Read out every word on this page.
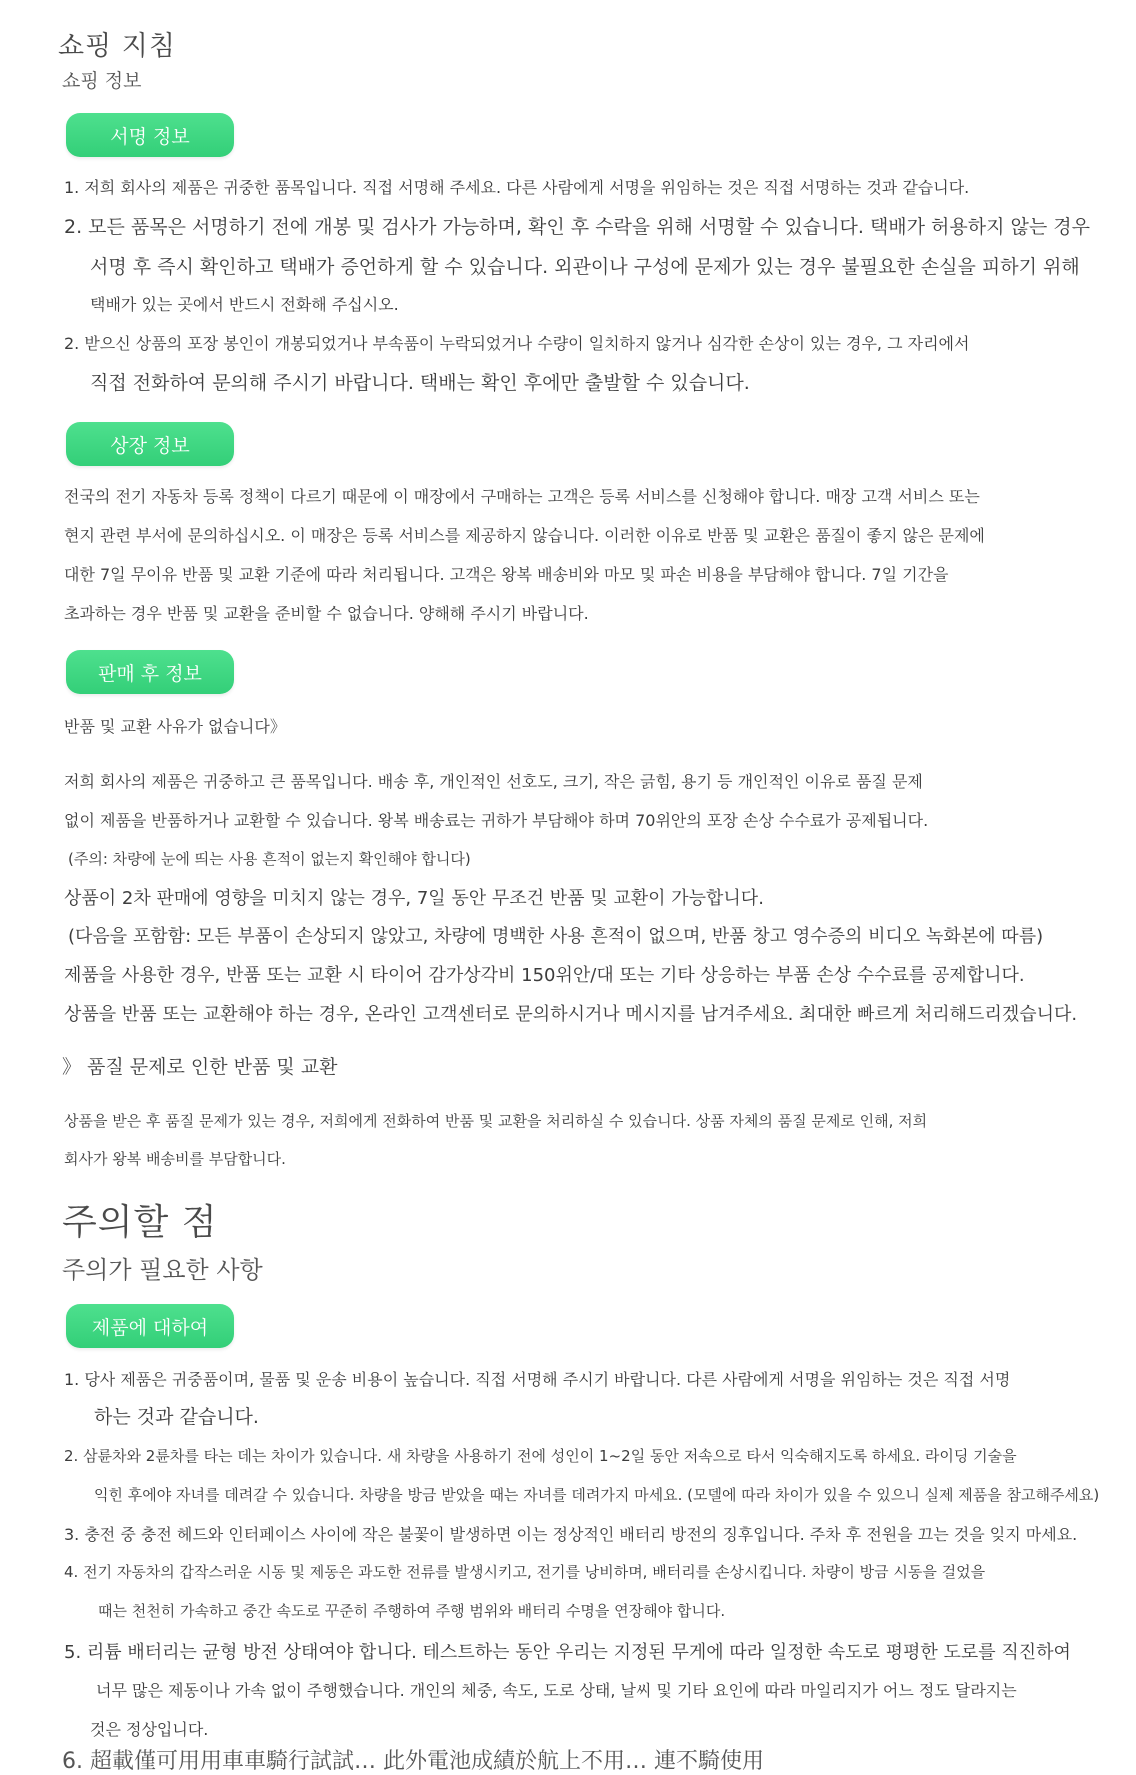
쇼핑 지침
쇼핑 정보
서명 정보
1. 저희 회사의 제품은 귀중한 품목입니다. 직접 서명해 주세요. 다른 사람에게 서명을 위임하는 것은 직접 서명하는 것과 같습니다.
2. 모든 품목은 서명하기 전에 개봉 및 검사가 가능하며, 확인 후 수락을 위해 서명할 수 있습니다. 택배가 허용하지 않는 경우
서명 후 즉시 확인하고 택배가 증언하게 할 수 있습니다. 외관이나 구성에 문제가 있는 경우 불필요한 손실을 피하기 위해
택배가 있는 곳에서 반드시 전화해 주십시오.
2. 받으신 상품의 포장 봉인이 개봉되었거나 부속품이 누락되었거나 수량이 일치하지 않거나 심각한 손상이 있는 경우, 그 자리에서
직접 전화하여 문의해 주시기 바랍니다. 택배는 확인 후에만 출발할 수 있습니다.
상장 정보
전국의 전기 자동차 등록 정책이 다르기 때문에 이 매장에서 구매하는 고객은 등록 서비스를 신청해야 합니다. 매장 고객 서비스 또는
현지 관련 부서에 문의하십시오. 이 매장은 등록 서비스를 제공하지 않습니다. 이러한 이유로 반품 및 교환은 품질이 좋지 않은 문제에
대한 7일 무이유 반품 및 교환 기준에 따라 처리됩니다. 고객은 왕복 배송비와 마모 및 파손 비용을 부담해야 합니다. 7일 기간을
초과하는 경우 반품 및 교환을 준비할 수 없습니다. 양해해 주시기 바랍니다.
판매 후 정보
반품 및 교환 사유가 없습니다》
저희 회사의 제품은 귀중하고 큰 품목입니다. 배송 후, 개인적인 선호도, 크기, 작은 긁힘, 용기 등 개인적인 이유로 품질 문제
없이 제품을 반품하거나 교환할 수 있습니다. 왕복 배송료는 귀하가 부담해야 하며 70위안의 포장 손상 수수료가 공제됩니다.
(주의: 차량에 눈에 띄는 사용 흔적이 없는지 확인해야 합니다)
상품이 2차 판매에 영향을 미치지 않는 경우, 7일 동안 무조건 반품 및 교환이 가능합니다.
(다음을 포함함: 모든 부품이 손상되지 않았고, 차량에 명백한 사용 흔적이 없으며, 반품 창고 영수증의 비디오 녹화본에 따름)
제품을 사용한 경우, 반품 또는 교환 시 타이어 감가상각비 150위안/대 또는 기타 상응하는 부품 손상 수수료를 공제합니다.
상품을 반품 또는 교환해야 하는 경우, 온라인 고객센터로 문의하시거나 메시지를 남겨주세요. 최대한 빠르게 처리해드리겠습니다.
》 품질 문제로 인한 반품 및 교환
상품을 받은 후 품질 문제가 있는 경우, 저희에게 전화하여 반품 및 교환을 처리하실 수 있습니다. 상품 자체의 품질 문제로 인해, 저희
회사가 왕복 배송비를 부담합니다.
주의할 점
주의가 필요한 사항
제품에 대하여
1. 당사 제품은 귀중품이며, 물품 및 운송 비용이 높습니다. 직접 서명해 주시기 바랍니다. 다른 사람에게 서명을 위임하는 것은 직접 서명
하는 것과 같습니다.
2. 삼륜차와 2륜차를 타는 데는 차이가 있습니다. 새 차량을 사용하기 전에 성인이 1~2일 동안 저속으로 타서 익숙해지도록 하세요. 라이딩 기술을
익힌 후에야 자녀를 데려갈 수 있습니다. 차량을 방금 받았을 때는 자녀를 데려가지 마세요. (모델에 따라 차이가 있을 수 있으니 실제 제품을 참고해주세요)
3. 충전 중 충전 헤드와 인터페이스 사이에 작은 불꽃이 발생하면 이는 정상적인 배터리 방전의 징후입니다. 주차 후 전원을 끄는 것을 잊지 마세요.
4. 전기 자동차의 갑작스러운 시동 및 제동은 과도한 전류를 발생시키고, 전기를 낭비하며, 배터리를 손상시킵니다. 차량이 방금 시동을 걸었을
때는 천천히 가속하고 중간 속도로 꾸준히 주행하여 주행 범위와 배터리 수명을 연장해야 합니다.
5. 리튬 배터리는 균형 방전 상태여야 합니다. 테스트하는 동안 우리는 지정된 무게에 따라 일정한 속도로 평평한 도로를 직진하여
너무 많은 제동이나 가속 없이 주행했습니다. 개인의 체중, 속도, 도로 상태, 날씨 및 기타 요인에 따라 마일리지가 어느 정도 달라지는
것은 정상입니다.
6. 超載僅可用用車車騎行試試… 此外電池成績於航上不用… 連不騎使用
